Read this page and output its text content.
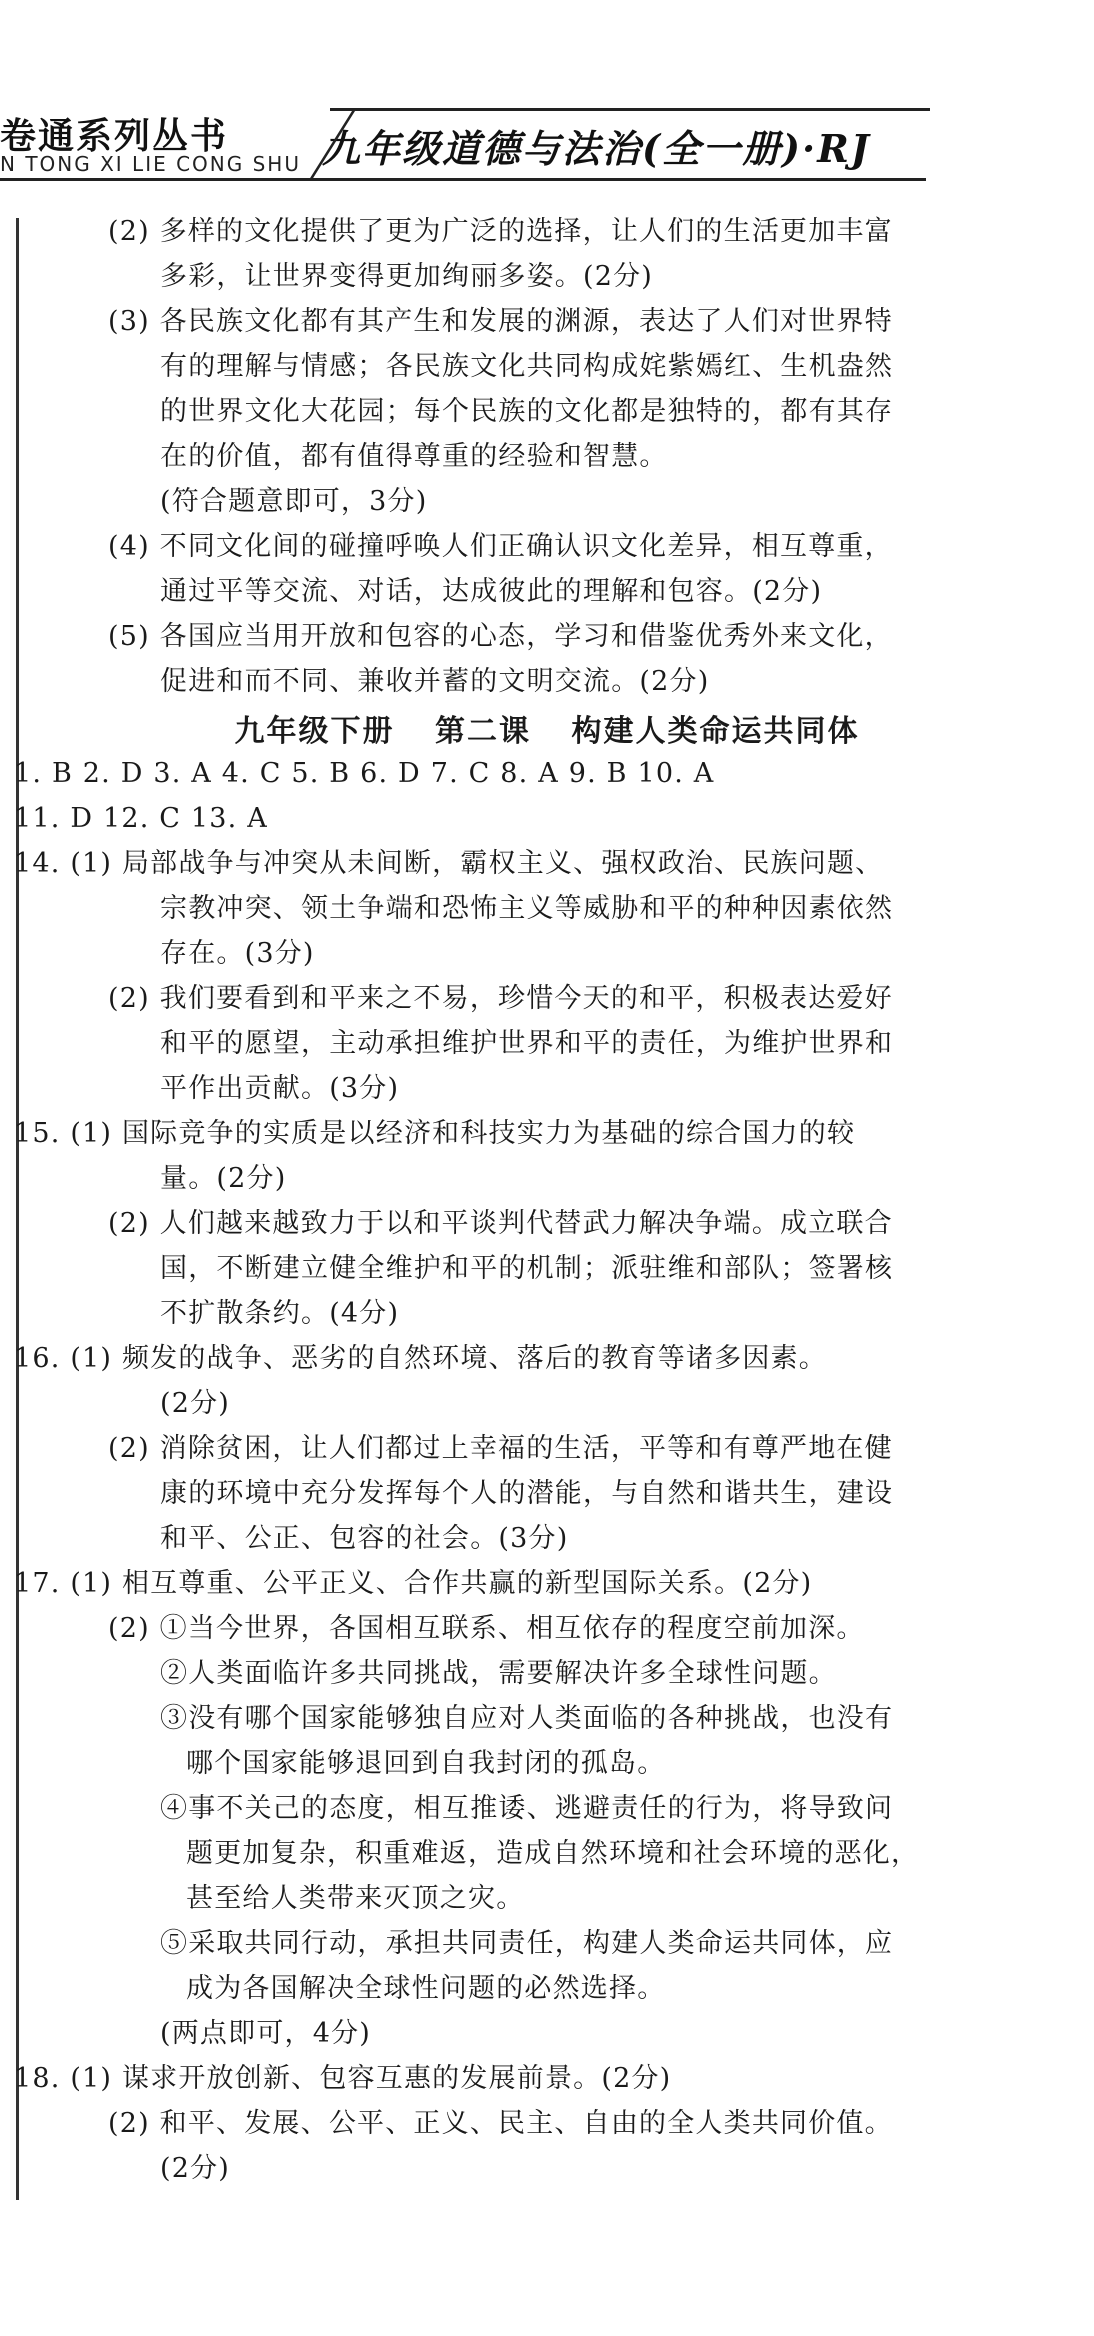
卷通系列丛书
N TONG XI LIE CONG SHU 九年级道德与法治(全一册)·RJ
(2) 多样的文化提供了更为广泛的选择，让人们的生活更加丰富
多彩，让世界变得更加绚丽多姿。(2分)
(3) 各民族文化都有其产生和发展的渊源，表达了人们对世界特
有的理解与情感；各民族文化共同构成姹紫嫣红、生机盎然
的世界文化大花园；每个民族的文化都是独特的，都有其存
在的价值，都有值得尊重的经验和智慧。
(符合题意即可，3分)
(4) 不同文化间的碰撞呼唤人们正确认识文化差异，相互尊重，
通过平等交流、对话，达成彼此的理解和包容。(2分)
(5) 各国应当用开放和包容的心态，学习和借鉴优秀外来文化，
促进和而不同、兼收并蓄的文明交流。(2分)
九年级下册 第二课 构建人类命运共同体
1. B 2. D 3. A 4. C 5. B 6. D 7. C 8. A 9. B 10. A
11. D 12. C 13. A
14. (1) 局部战争与冲突从未间断，霸权主义、强权政治、民族问题、
宗教冲突、领土争端和恐怖主义等威胁和平的种种因素依然
存在。(3分)
(2) 我们要看到和平来之不易，珍惜今天的和平，积极表达爱好
和平的愿望，主动承担维护世界和平的责任，为维护世界和
平作出贡献。(3分)
15. (1) 国际竞争的实质是以经济和科技实力为基础的综合国力的较
量。(2分)
(2) 人们越来越致力于以和平谈判代替武力解决争端。成立联合
国，不断建立健全维护和平的机制；派驻维和部队；签署核
不扩散条约。(4分)
16. (1) 频发的战争、恶劣的自然环境、落后的教育等诸多因素。
(2分)
(2) 消除贫困，让人们都过上幸福的生活，平等和有尊严地在健
康的环境中充分发挥每个人的潜能，与自然和谐共生，建设
和平、公正、包容的社会。(3分)
17. (1) 相互尊重、公平正义、合作共赢的新型国际关系。(2分)
(2) ①当今世界，各国相互联系、相互依存的程度空前加深。
②人类面临许多共同挑战，需要解决许多全球性问题。
③没有哪个国家能够独自应对人类面临的各种挑战，也没有
哪个国家能够退回到自我封闭的孤岛。
④事不关己的态度，相互推诿、逃避责任的行为，将导致问
题更加复杂，积重难返，造成自然环境和社会环境的恶化，
甚至给人类带来灭顶之灾。
⑤采取共同行动，承担共同责任，构建人类命运共同体，应
成为各国解决全球性问题的必然选择。
(两点即可，4分)
18. (1) 谋求开放创新、包容互惠的发展前景。(2分)
(2) 和平、发展、公平、正义、民主、自由的全人类共同价值。
(2分)
